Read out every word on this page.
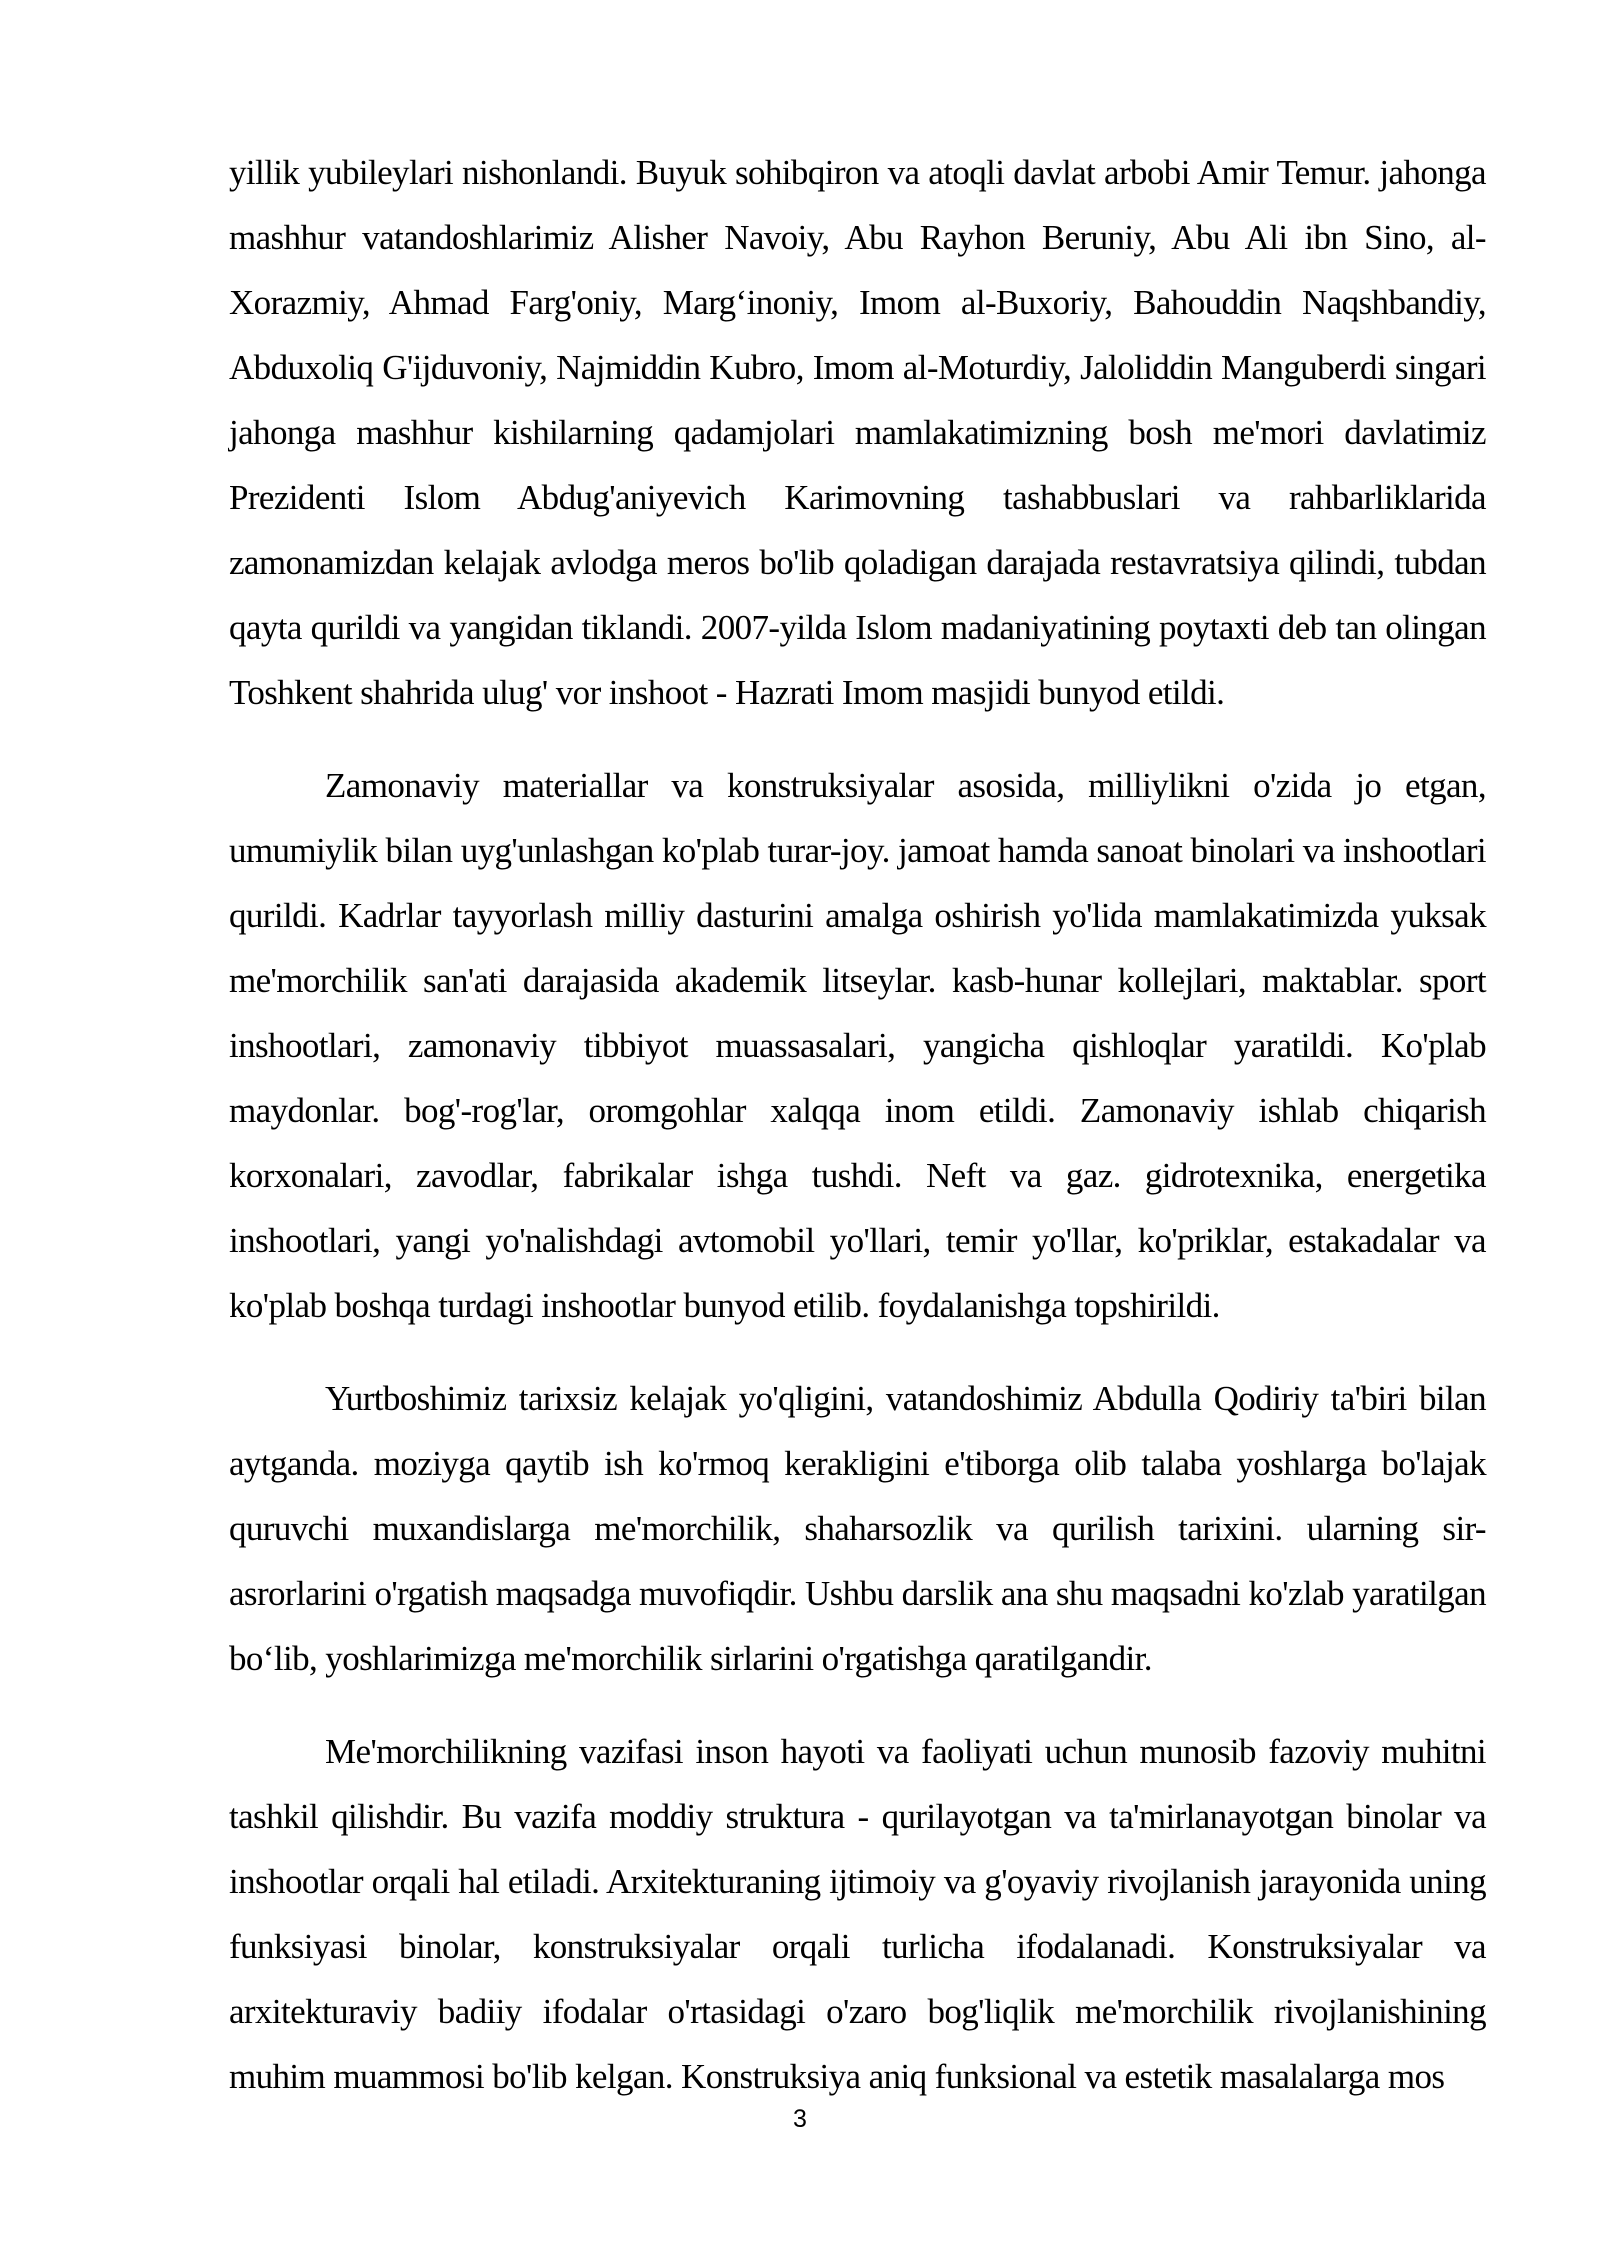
yillik yubileylari nishonlandi. Buyuk sohibqiron va atoqli davlat arbobi Amir Temur. jahonga mashhur vatandoshlarimiz Alisher Navoiy, Abu Rayhon Beruniy, Abu Ali ibn Sino, al-Xorazmiy, Ahmad Farg'oniy, Marg‘inoniy, Imom al-Buxoriy, Bahouddin Naqshbandiy, Abduxoliq G'ijduvoniy, Najmiddin Kubro, Imom al-Moturdiy, Jaloliddin Manguberdi singari jahonga mashhur kishilarning qadamjolari mamlakatimizning bosh me'mori davlatimiz Prezidenti Islom Abdug'aniyevich Karimovning tashabbuslari va rahbarliklarida zamonamizdan kelajak avlodga meros bo'lib qoladigan darajada restavratsiya qilindi, tubdan qayta qurildi va yangidan tiklandi. 2007-yilda Islom madaniyatining poytaxti deb tan olingan Toshkent shahrida ulug' vor inshoot - Hazrati Imom masjidi bunyod etildi.

Zamonaviy materiallar va konstruksiyalar asosida, milliylikni o'zida jo etgan, umumiylik bilan uyg'unlashgan ko'plab turar-joy. jamoat hamda sanoat binolari va inshootlari qurildi. Kadrlar tayyorlash milliy dasturini amalga oshirish yo'lida mamlakatimizda yuksak me'morchilik san'ati darajasida akademik litseylar. kasb-hunar kollejlari, maktablar. sport inshootlari, zamonaviy tibbiyot muassasalari, yangicha qishloqlar yaratildi. Ko'plab maydonlar. bog'-rog'lar, oromgohlar xalqqa inom etildi. Zamonaviy ishlab chiqarish korxonalari, zavodlar, fabrikalar ishga tushdi. Neft va gaz. gidrotexnika, energetika inshootlari, yangi yo'nalishdagi avtomobil yo'llari, temir yo'llar, ko'priklar, estakadalar va ko'plab boshqa turdagi inshootlar bunyod etilib. foydalanishga topshirildi.

Yurtboshimiz tarixsiz kelajak yo'qligini, vatandoshimiz Abdulla Qodiriy ta'biri bilan aytganda. moziyga qaytib ish ko'rmoq kerakligini e'tiborga olib talaba yoshlarga bo'lajak quruvchi muxandislarga me'morchilik, shaharsozlik va qurilish tarixini. ularning sir-asrorlarini o'rgatish maqsadga muvofiqdir. Ushbu darslik ana shu maqsadni ko'zlab yaratilgan bo‘lib, yoshlarimizga me'morchilik sirlarini o'rgatishga qaratilgandir.

Me'morchilikning vazifasi inson hayoti va faoliyati uchun munosib fazoviy muhitni tashkil qilishdir. Bu vazifa moddiy struktura - qurilayotgan va ta'mirlanayotgan binolar va inshootlar orqali hal etiladi. Arxitekturaning ijtimoiy va g'oyaviy rivojlanish jarayonida uning funksiyasi binolar, konstruksiyalar orqali turlicha ifodalanadi. Konstruksiyalar va arxitekturaviy badiiy ifodalar o'rtasidagi o'zaro bog'liqlik me'morchilik rivojlanishining muhim muammosi bo'lib kelgan. Konstruksiya aniq funksional va estetik masalalarga mos

3
